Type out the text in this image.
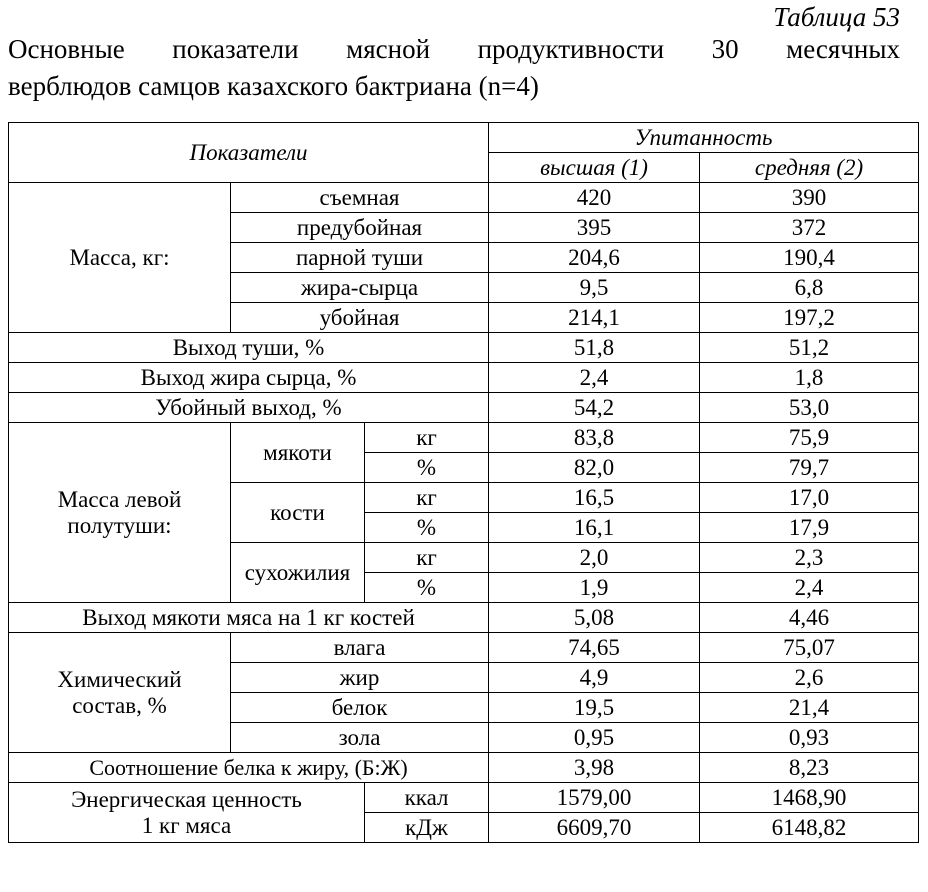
Таблица 53
Основные показатели мясной продуктивности 30 месячных
верблюдов самцов казахского бактриана (n=4)
Показатели			Упитанность	
			высшая (1)	средняя (2)
Масса, кг:	съемная		420	390
	предубойная		395	372
	парной туши		204,6	190,4
	жира-сырца		9,5	6,8
	убойная		214,1	197,2
Выход туши, %			51,8	51,2
Выход жира сырца, %			2,4	1,8
Убойный выход, %			54,2	53,0

Масса левой
полутуши:	мякоти	кг	83,8	75,9
		%	82,0	79,7
	кости	кг	16,5	17,0
		%	16,1	17,9
	сухожилия	кг	2,0	2,3
		%	1,9	2,4
Выход мякоти мяса на 1 кг костей			5,08	4,46

Химический
состав, %	влага		74,65	75,07
	жир		4,9	2,6
	белок		19,5	21,4
	зола		0,95	0,93
Соотношение белка к жиру, (Б:Ж)			3,98	8,23

Энергическая ценность
1 кг мяса		ккал	1579,00	1468,90
		кДж	6609,70	6148,82
